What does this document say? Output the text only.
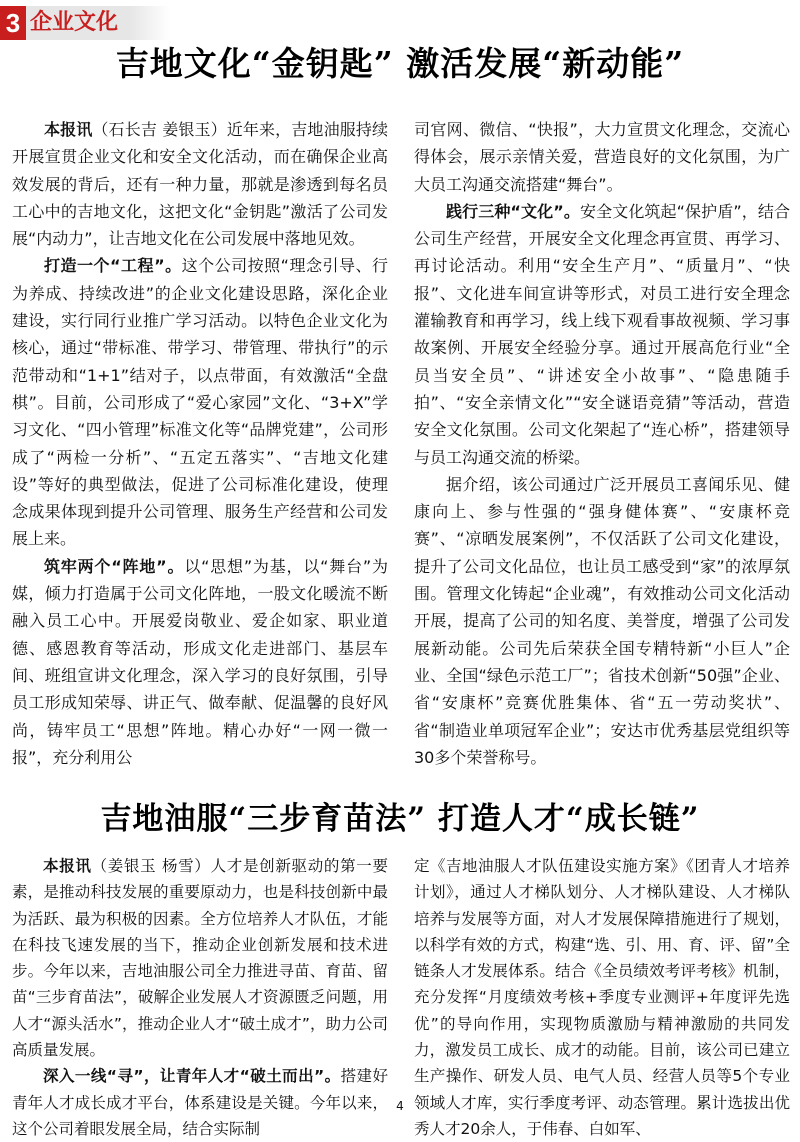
3 企业文化
吉地文化“金钥匙” 激活发展“新动能”

本报讯（石长吉 姜银玉）近年来，吉地油服持续开展宣贯企业文化和安全文化活动，而在确保企业高效发展的背后，还有一种力量，那就是渗透到每名员工心中的吉地文化，这把文化“金钥匙”激活了公司发展“内动力”，让吉地文化在公司发展中落地见效。

打造一个“工程”。这个公司按照“理念引导、行为养成、持续改进”的企业文化建设思路，深化企业建设，实行同行业推广学习活动。以特色企业文化为核心，通过“带标准、带学习、带管理、带执行”的示范带动和“1+1”结对子，以点带面，有效激活“全盘棋”。目前，公司形成了“爱心家园”文化、“3+X”学习文化、“四小管理”标准文化等“品牌党建”，公司形成了“两检一分析”、“五定五落实”、“吉地文化建设”等好的典型做法，促进了公司标准化建设，使理念成果体现到提升公司管理、服务生产经营和公司发展上来。

筑牢两个“阵地”。以“思想”为基，以“舞台”为媒，倾力打造属于公司文化阵地，一股文化暖流不断融入员工心中。开展爱岗敬业、爱企如家、职业道德、感恩教育等活动，形成文化走进部门、基层车间、班组宣讲文化理念，深入学习的良好氛围，引导员工形成知荣辱、讲正气、做奉献、促温馨的良好风尚，铸牢员工“思想”阵地。精心办好“一网一微一报”，充分利用公

司官网、微信、“快报”，大力宣贯文化理念，交流心得体会，展示亲情关爱，营造良好的文化氛围，为广大员工沟通交流搭建“舞台”。

践行三种“文化”。安全文化筑起“保护盾”，结合公司生产经营，开展安全文化理念再宣贯、再学习、再讨论活动。利用“安全生产月”、“质量月”、“快报”、文化进车间宣讲等形式，对员工进行安全理念灌输教育和再学习，线上线下观看事故视频、学习事故案例、开展安全经验分享。通过开展高危行业“全员当安全员”、“讲述安全小故事”、“隐患随手拍”、“安全亲情文化”“安全谜语竞猜”等活动，营造安全文化氛围。公司文化架起了“连心桥”，搭建领导与员工沟通交流的桥梁。

据介绍，该公司通过广泛开展员工喜闻乐见、健康向上、参与性强的“强身健体赛”、“安康杯竞赛”、“凉晒发展案例”，不仅活跃了公司文化建设，提升了公司文化品位，也让员工感受到“家”的浓厚氛围。管理文化铸起“企业魂”，有效推动公司文化活动开展，提高了公司的知名度、美誉度，增强了公司发展新动能。公司先后荣获全国专精特新“小巨人”企业、全国“绿色示范工厂”；省技术创新“50强”企业、省“安康杯”竞赛优胜集体、省“五一劳动奖状”、省“制造业单项冠军企业”；安达市优秀基层党组织等30多个荣誉称号。

吉地油服“三步育苗法” 打造人才“成长链”

本报讯（姜银玉 杨雪）人才是创新驱动的第一要素，是推动科技发展的重要原动力，也是科技创新中最为活跃、最为积极的因素。全方位培养人才队伍，才能在科技飞速发展的当下，推动企业创新发展和技术进步。今年以来，吉地油服公司全力推进寻苗、育苗、留苗“三步育苗法”，破解企业发展人才资源匮乏问题，用人才“源头活水”，推动企业人才“破土成才”，助力公司高质量发展。

深入一线“寻”，让青年人才“破土而出”。搭建好青年人才成长成才平台，体系建设是关键。今年以来，这个公司着眼发展全局，结合实际制

定《吉地油服人才队伍建设实施方案》《团青人才培养计划》，通过人才梯队划分、人才梯队建设、人才梯队培养与发展等方面，对人才发展保障措施进行了规划，以科学有效的方式，构建“选、引、用、育、评、留”全链条人才发展体系。结合《全员绩效考评考核》机制，充分发挥“月度绩效考核+季度专业测评+年度评先选优”的导向作用，实现物质激励与精神激励的共同发力，激发员工成长、成才的动能。目前，该公司已建立生产操作、研发人员、电气人员、经营人员等5个专业领域人才库，实行季度考评、动态管理。累计选拔出优秀人才20余人，于伟春、白如军、

4
